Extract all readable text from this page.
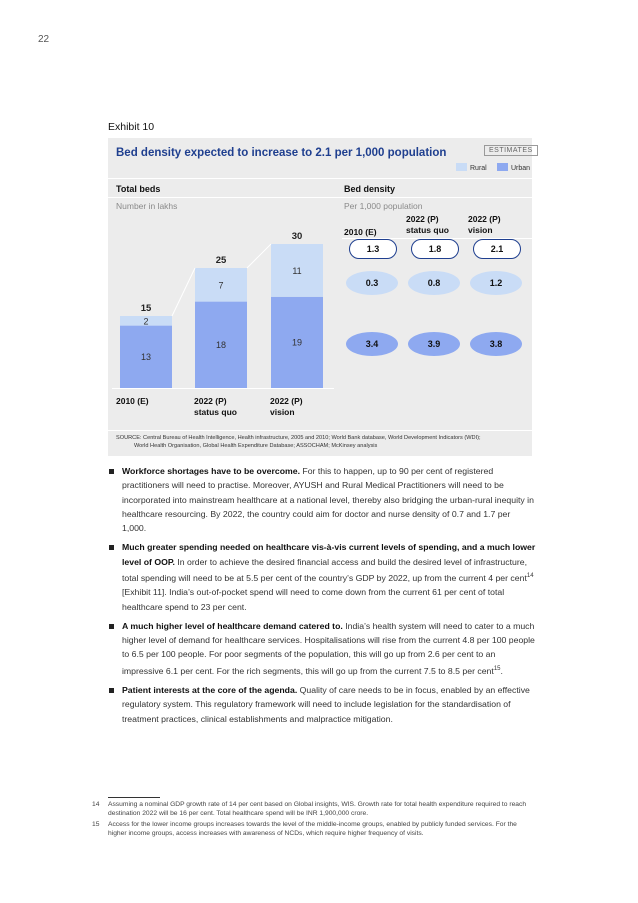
22
Exhibit 10
Bed density expected to increase to 2.1 per 1,000 population	ESTIMATES
Rural	Urban
Total beds	Bed density
Number in lakhs	Per 1,000 population
13
2
15
18
7
25
19
11
30
2010 (E)	2022 (P)
status quo
2022 (P)
vision
2010 (E)
2022 (P)
status quo
2022 (P)
vision
1.3	1.8	2.1
0.3	0.8	1.2
3.4	3.9	3.8
SOURCE: Central Bureau of Health Intelligence, Health infrastructure, 2005 and 2010; World Bank database, World Development Indicators (WDI);
World Health Organisation, Global Health Expenditure Database; ASSOCHAM; McKinsey analysis
Workforce shortages have to be overcome. For this to happen, up to 90 per cent of registered practitioners will need to practise. Moreover, AYUSH and Rural Medical Practitioners will need to be incorporated into mainstream healthcare at a national level, thereby also bridging the urban-rural inequity in healthcare resourcing. By 2022, the country could aim for doctor and nurse density of 0.7 and 1.7 per 1,000.
Much greater spending needed on healthcare vis-à-vis current levels of spending, and a much lower level of OOP. In order to achieve the desired financial access and build the desired level of infrastructure, total spending will need to be at 5.5 per cent of the country’s GDP by 2022, up from the current 4 per cent$^{14}$ [Exhibit 11]. India’s out-of-pocket spend will need to come down from the current 61 per cent of total healthcare spend to 23 per cent.
A much higher level of healthcare demand catered to. India’s health system will need to cater to a much higher level of demand for healthcare services. Hospitalisations will rise from the current 4.8 per 100 people to 6.5 per 100 people. For poor segments of the population, this will go up from 2.6 per cent to an impressive 6.1 per cent. For the rich segments, this will go up from the current 7.5 to 8.5 per cent$^{15}$.
Patient interests at the core of the agenda. Quality of care needs to be in focus, enabled by an effective regulatory system. This regulatory framework will need to include legislation for the standardisation of treatment practices, clinical establishments and malpractice mitigation.
14 Assuming a nominal GDP growth rate of 14 per cent based on Global insights, WIS. Growth rate for total health expenditure required to reach destination 2022 will be 16 per cent. Total healthcare spend will be INR 1,900,000 crore.
15 Access for the lower income groups increases towards the level of the middle-income groups, enabled by publicly funded services. For the higher income groups, access increases with awareness of NCDs, which require higher frequency of visits.
